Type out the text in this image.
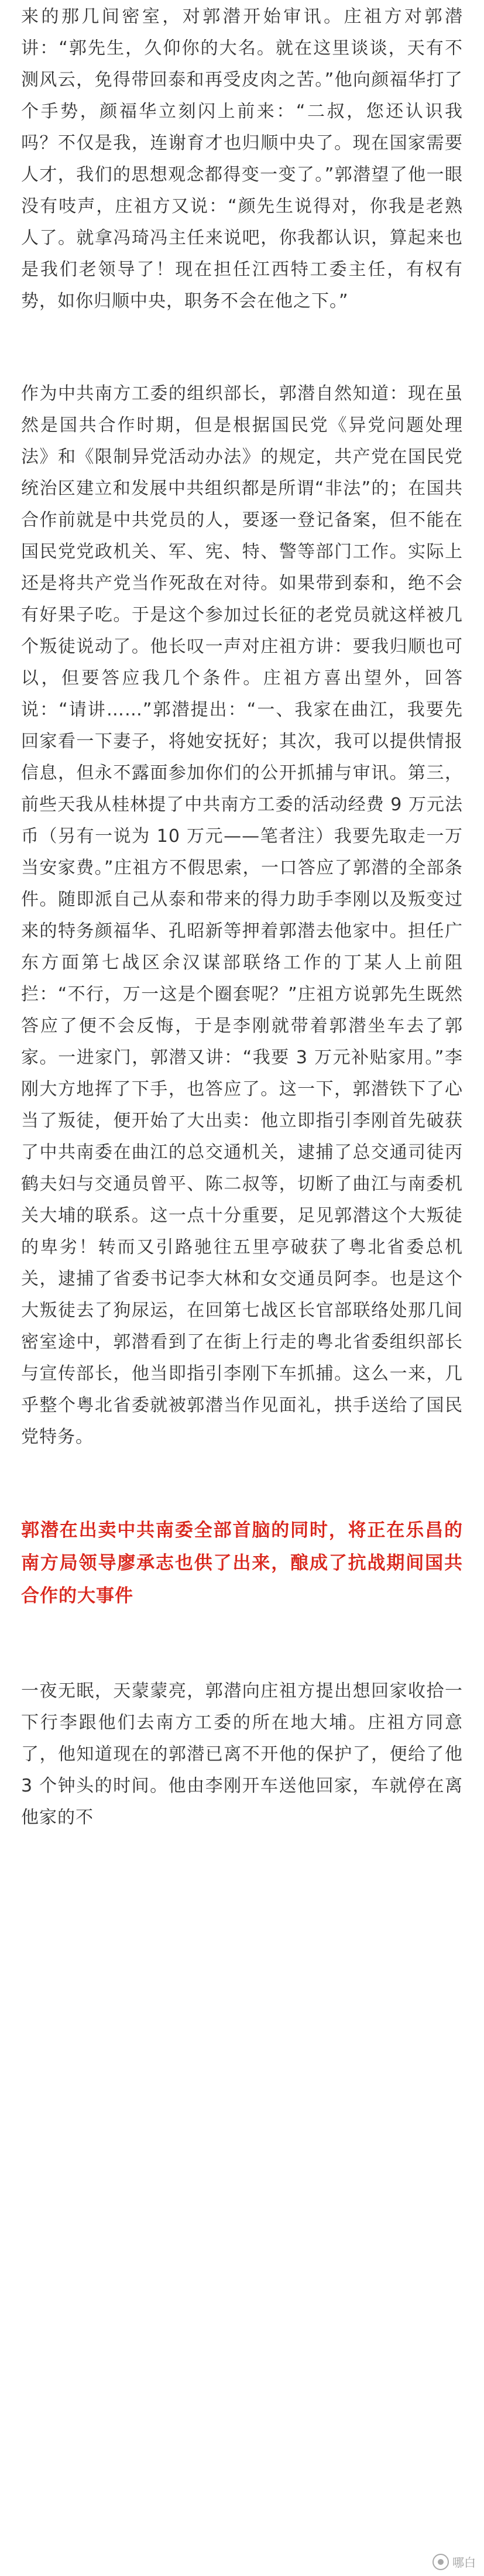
来的那几间密室，对郭潜开始审讯。庄祖方对郭潜讲：“郭先生，久仰你的大名。就在这里谈谈，天有不测风云，免得带回泰和再受皮肉之苦。”他向颜福华打了个手势，颜福华立刻闪上前来：“二叔，您还认识我吗？不仅是我，连谢育才也归顺中央了。现在国家需要人才，我们的思想观念都得变一变了。”郭潜望了他一眼没有吱声，庄祖方又说：“颜先生说得对，你我是老熟人了。就拿冯琦冯主任来说吧，你我都认识，算起来也是我们老领导了！现在担任江西特工委主任，有权有势，如你归顺中央，职务不会在他之下。”

作为中共南方工委的组织部长，郭潜自然知道：现在虽然是国共合作时期，但是根据国民党《异党问题处理法》和《限制异党活动办法》的规定，共产党在国民党统治区建立和发展中共组织都是所谓“非法”的；在国共合作前就是中共党员的人，要逐一登记备案，但不能在国民党党政机关、军、宪、特、警等部门工作。实际上还是将共产党当作死敌在对待。如果带到泰和，绝不会有好果子吃。于是这个参加过长征的老党员就这样被几个叛徒说动了。他长叹一声对庄祖方讲：要我归顺也可以，但要答应我几个条件。庄祖方喜出望外，回答说：“请讲……”郭潜提出：“一、我家在曲江，我要先回家看一下妻子，将她安抚好；其次，我可以提供情报信息，但永不露面参加你们的公开抓捕与审讯。第三，前些天我从桂林提了中共南方工委的活动经费 9 万元法币（另有一说为 10 万元——笔者注）我要先取走一万当安家费。”庄祖方不假思索，一口答应了郭潜的全部条件。随即派自己从泰和带来的得力助手李刚以及叛变过来的特务颜福华、孔昭新等押着郭潜去他家中。担任广东方面第七战区余汉谋部联络工作的丁某人上前阻拦：“不行，万一这是个圈套呢？”庄祖方说郭先生既然答应了便不会反悔，于是李刚就带着郭潜坐车去了郭家。一进家门，郭潜又讲：“我要 3 万元补贴家用。”李刚大方地挥了下手，也答应了。这一下，郭潜铁下了心当了叛徒，便开始了大出卖：他立即指引李刚首先破获了中共南委在曲江的总交通机关，逮捕了总交通司徒丙鹤夫妇与交通员曾平、陈二叔等，切断了曲江与南委机关大埔的联系。这一点十分重要，足见郭潜这个大叛徒的卑劣！转而又引路驰往五里亭破获了粤北省委总机关，逮捕了省委书记李大林和女交通员阿李。也是这个大叛徒去了狗尿运，在回第七战区长官部联络处那几间密室途中，郭潜看到了在街上行走的粤北省委组织部长与宣传部长，他当即指引李刚下车抓捕。这么一来，几乎整个粤北省委就被郭潜当作见面礼，拱手送给了国民党特务。

郭潜在出卖中共南委全部首脑的同时，将正在乐昌的南方局领导廖承志也供了出来，酿成了抗战期间国共合作的大事件

一夜无眠，天蒙蒙亮，郭潜向庄祖方提出想回家收拾一下行李跟他们去南方工委的所在地大埔。庄祖方同意了，他知道现在的郭潜已离不开他的保护了，便给了他 3 个钟头的时间。他由李刚开车送他回家，车就停在离他家的不

哪白
